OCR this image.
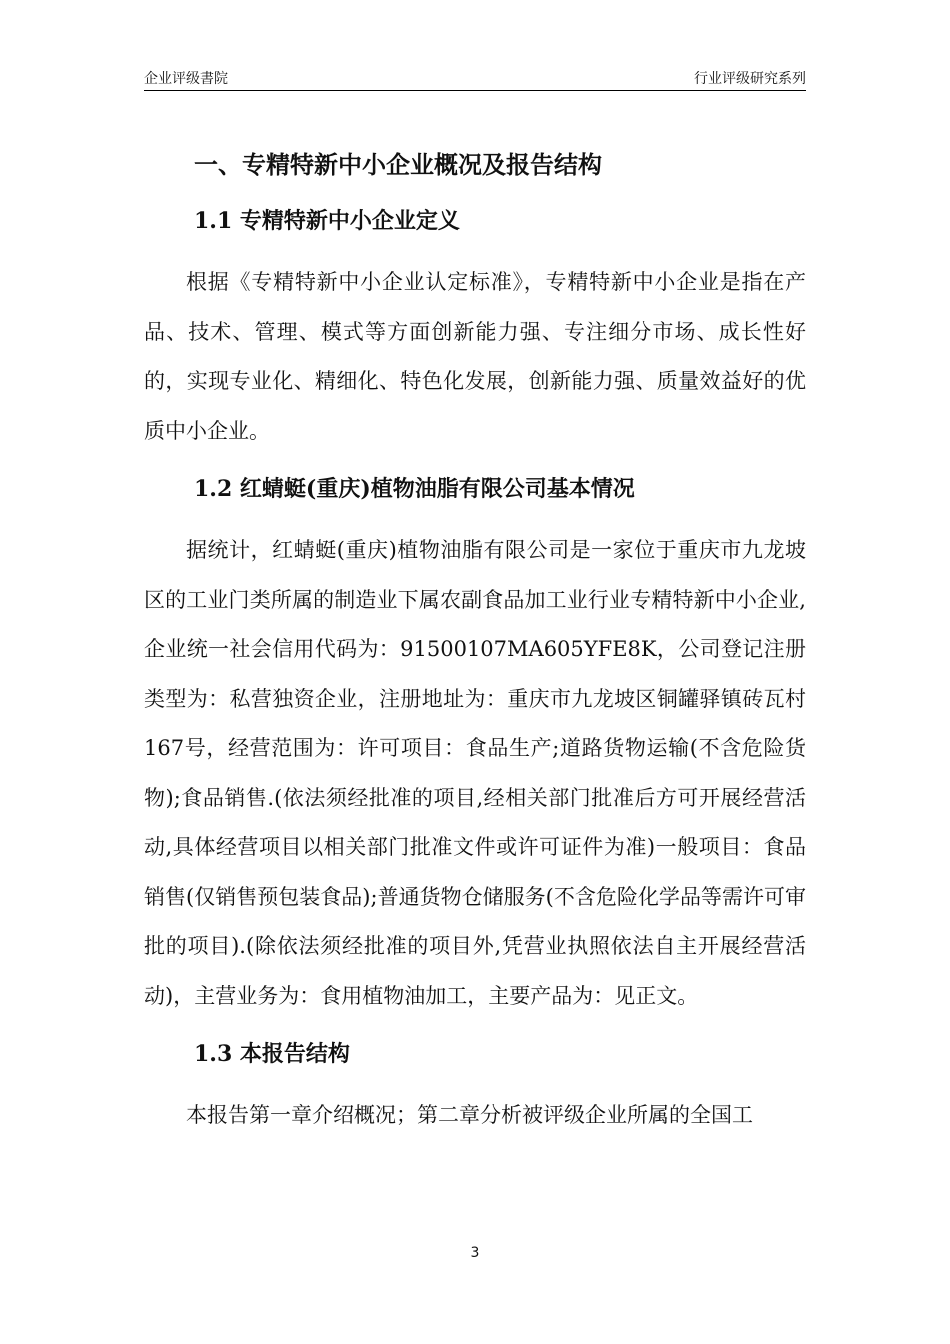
企业评级書院	行业评级研究系列
一、专精特新中小企业概况及报告结构
1.1 专精特新中小企业定义

根据《专精特新中小企业认定标准》，专精特新中小企业是指在产品、技术、管理、模式等方面创新能力强、专注细分市场、成长性好的，实现专业化、精细化、特色化发展，创新能力强、质量效益好的优质中小企业。

1.2 红蜻蜓(重庆)植物油脂有限公司基本情况

据统计，红蜻蜓(重庆)植物油脂有限公司是一家位于重庆市九龙坡区的工业门类所属的制造业下属农副食品加工业行业专精特新中小企业,企业统一社会信用代码为：91500107MA605YFE8K，公司登记注册类型为：私营独资企业，注册地址为：重庆市九龙坡区铜罐驿镇砖瓦村167号，经营范围为：许可项目：食品生产;道路货物运输(不含危险货物);食品销售.(依法须经批准的项目,经相关部门批准后方可开展经营活动,具体经营项目以相关部门批准文件或许可证件为准)一般项目：食品销售(仅销售预包装食品);普通货物仓储服务(不含危险化学品等需许可审批的项目).(除依法须经批准的项目外,凭营业执照依法自主开展经营活动)，主营业务为：食用植物油加工，主要产品为：见正文。

1.3 本报告结构

本报告第一章介绍概况；第二章分析被评级企业所属的全国工

3
